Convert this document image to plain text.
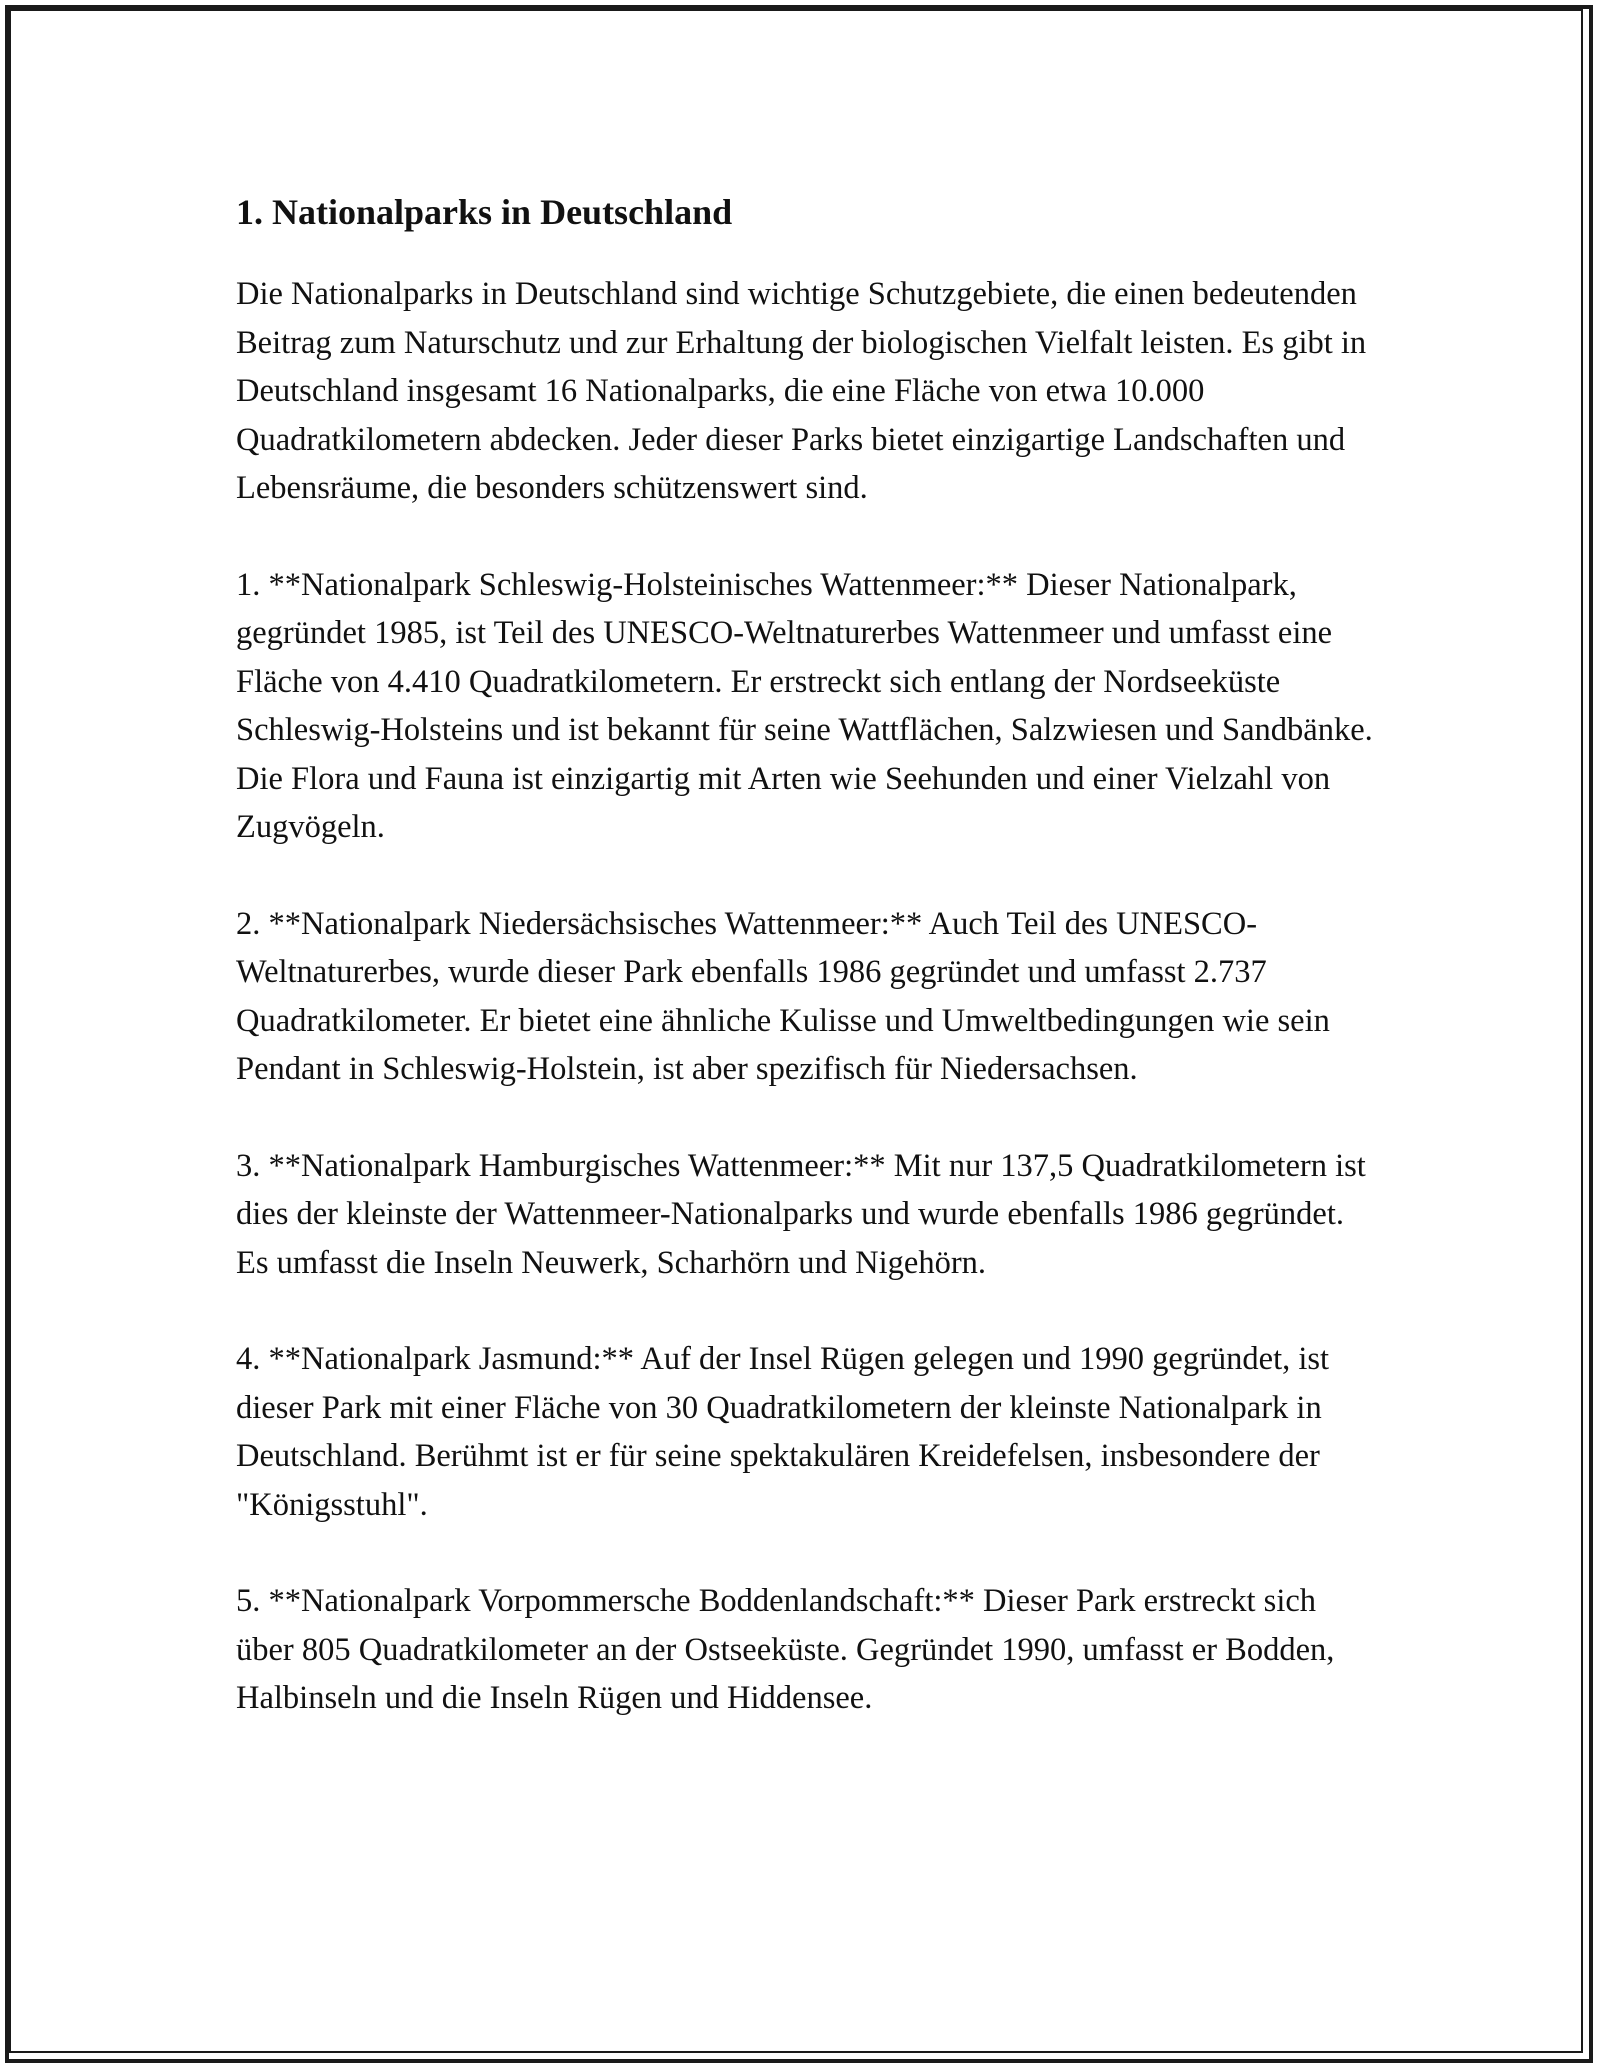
1. Nationalparks in Deutschland

Die Nationalparks in Deutschland sind wichtige Schutzgebiete, die einen bedeutenden Beitrag zum Naturschutz und zur Erhaltung der biologischen Vielfalt leisten. Es gibt in Deutschland insgesamt 16 Nationalparks, die eine Fläche von etwa 10.000 Quadratkilometern abdecken. Jeder dieser Parks bietet einzigartige Landschaften und Lebensräume, die besonders schützenswert sind.

1. **Nationalpark Schleswig-Holsteinisches Wattenmeer:** Dieser Nationalpark, gegründet 1985, ist Teil des UNESCO-Weltnaturerbes Wattenmeer und umfasst eine Fläche von 4.410 Quadratkilometern. Er erstreckt sich entlang der Nordseeküste Schleswig-Holsteins und ist bekannt für seine Wattflächen, Salzwiesen und Sandbänke. Die Flora und Fauna ist einzigartig mit Arten wie Seehunden und einer Vielzahl von Zugvögeln.

2. **Nationalpark Niedersächsisches Wattenmeer:** Auch Teil des UNESCO-Weltnaturerbes, wurde dieser Park ebenfalls 1986 gegründet und umfasst 2.737 Quadratkilometer. Er bietet eine ähnliche Kulisse und Umweltbedingungen wie sein Pendant in Schleswig-Holstein, ist aber spezifisch für Niedersachsen.

3. **Nationalpark Hamburgisches Wattenmeer:** Mit nur 137,5 Quadratkilometern ist dies der kleinste der Wattenmeer-Nationalparks und wurde ebenfalls 1986 gegründet. Es umfasst die Inseln Neuwerk, Scharhörn und Nigehörn.

4. **Nationalpark Jasmund:** Auf der Insel Rügen gelegen und 1990 gegründet, ist dieser Park mit einer Fläche von 30 Quadratkilometern der kleinste Nationalpark in Deutschland. Berühmt ist er für seine spektakulären Kreidefelsen, insbesondere der "Königsstuhl".

5. **Nationalpark Vorpommersche Boddenlandschaft:** Dieser Park erstreckt sich über 805 Quadratkilometer an der Ostseeküste. Gegründet 1990, umfasst er Bodden, Halbinseln und die Inseln Rügen und Hiddensee.
